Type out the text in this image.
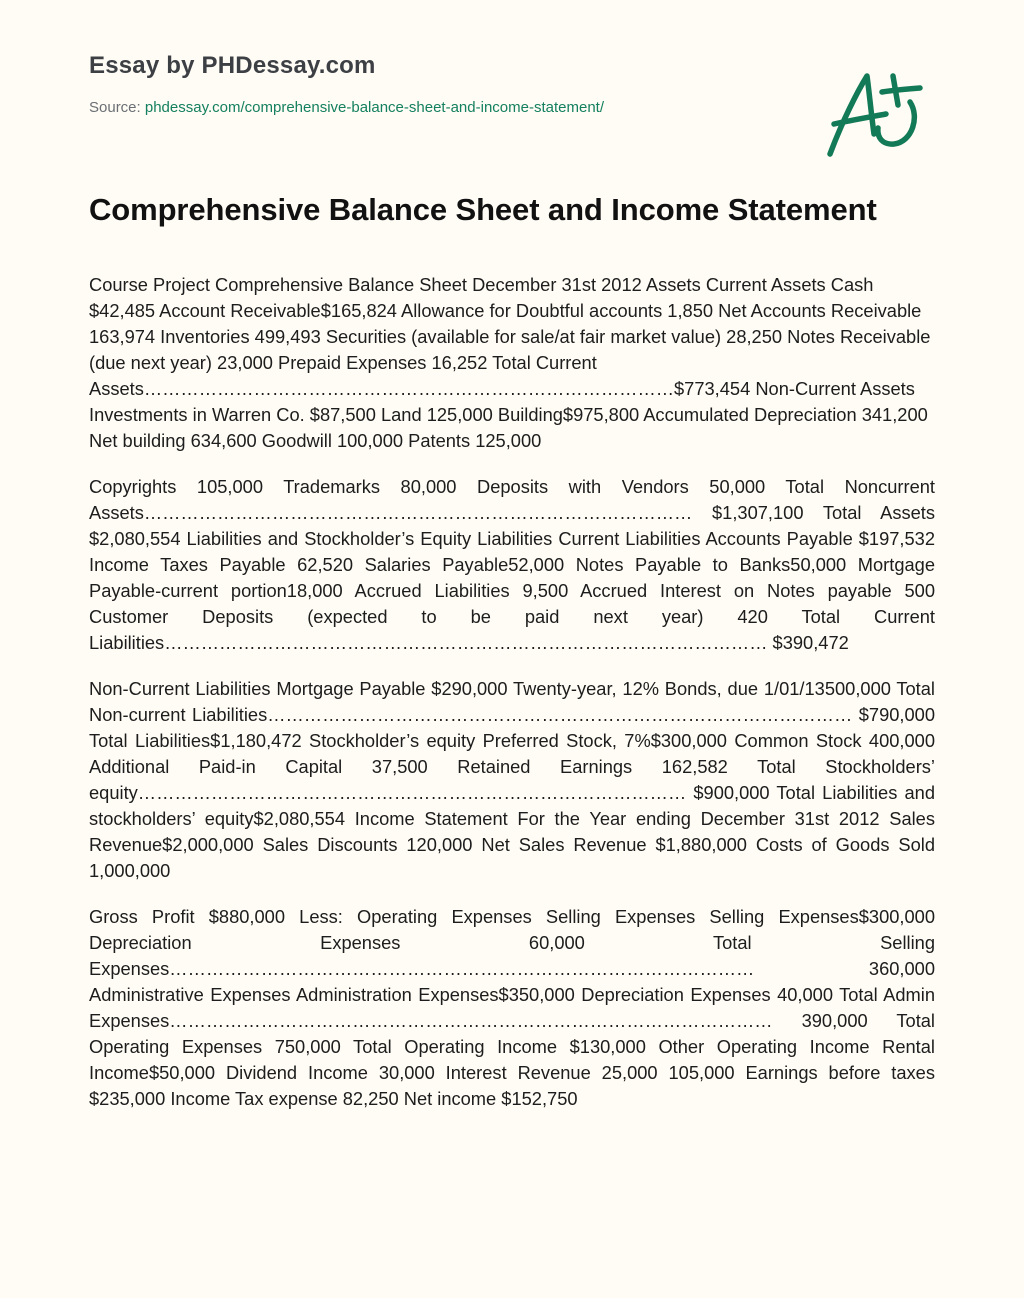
Essay by PHDessay.com
Source: phdessay.com/comprehensive-balance-sheet-and-income-statement/
Comprehensive Balance Sheet and Income Statement

Course Project Comprehensive Balance Sheet December 31st 2012 Assets Current Assets Cash $42,485 Account Receivable$165,824 Allowance for Doubtful accounts 1,850 Net Accounts Receivable 163,974 Inventories 499,493 Securities (available for sale/at fair market value) 28,250 Notes Receivable (due next year) 23,000 Prepaid Expenses 16,252 Total Current Assets……………………………………………………………………………$773,454 Non-Current Assets Investments in Warren Co. $87,500 Land 125,000 Building$975,800 Accumulated Depreciation 341,200 Net building 634,600 Goodwill 100,000 Patents 125,000

Copyrights 105,000 Trademarks 80,000 Deposits with Vendors 50,000 Total Noncurrent Assets……………………………………………………………………………… $1,307,100 Total Assets $2,080,554 Liabilities and Stockholder’s Equity Liabilities Current Liabilities Accounts Payable $197,532 Income Taxes Payable 62,520 Salaries Payable52,000 Notes Payable to Banks50,000 Mortgage Payable-current portion18,000 Accrued Liabilities 9,500 Accrued Interest on Notes payable 500 Customer Deposits (expected to be paid next year) 420 Total Current Liabilities……………………………………………………………………………………… $390,472

Non-Current Liabilities Mortgage Payable $290,000 Twenty-year, 12% Bonds, due 1/01/13500,000 Total Non-current Liabilities…………………………………………………………………………………… $790,000 Total Liabilities$1,180,472 Stockholder’s equity Preferred Stock, 7%$300,000 Common Stock 400,000 Additional Paid-in Capital 37,500 Retained Earnings 162,582 Total Stockholders’ equity……………………………………………………………………………… $900,000 Total Liabilities and stockholders’ equity$2,080,554 Income Statement For the Year ending December 31st 2012 Sales Revenue$2,000,000 Sales Discounts 120,000 Net Sales Revenue $1,880,000 Costs of Goods Sold 1,000,000

Gross Profit $880,000 Less: Operating Expenses Selling Expenses Selling Expenses$300,000 Depreciation Expenses 60,000 Total Selling Expenses…………………………………………………………………………………… 360,000 Administrative Expenses Administration Expenses$350,000 Depreciation Expenses 40,000 Total Admin Expenses……………………………………………………………………………………… 390,000 Total Operating Expenses 750,000 Total Operating Income $130,000 Other Operating Income Rental Income$50,000 Dividend Income 30,000 Interest Revenue 25,000 105,000 Earnings before taxes $235,000 Income Tax expense 82,250 Net income $152,750
